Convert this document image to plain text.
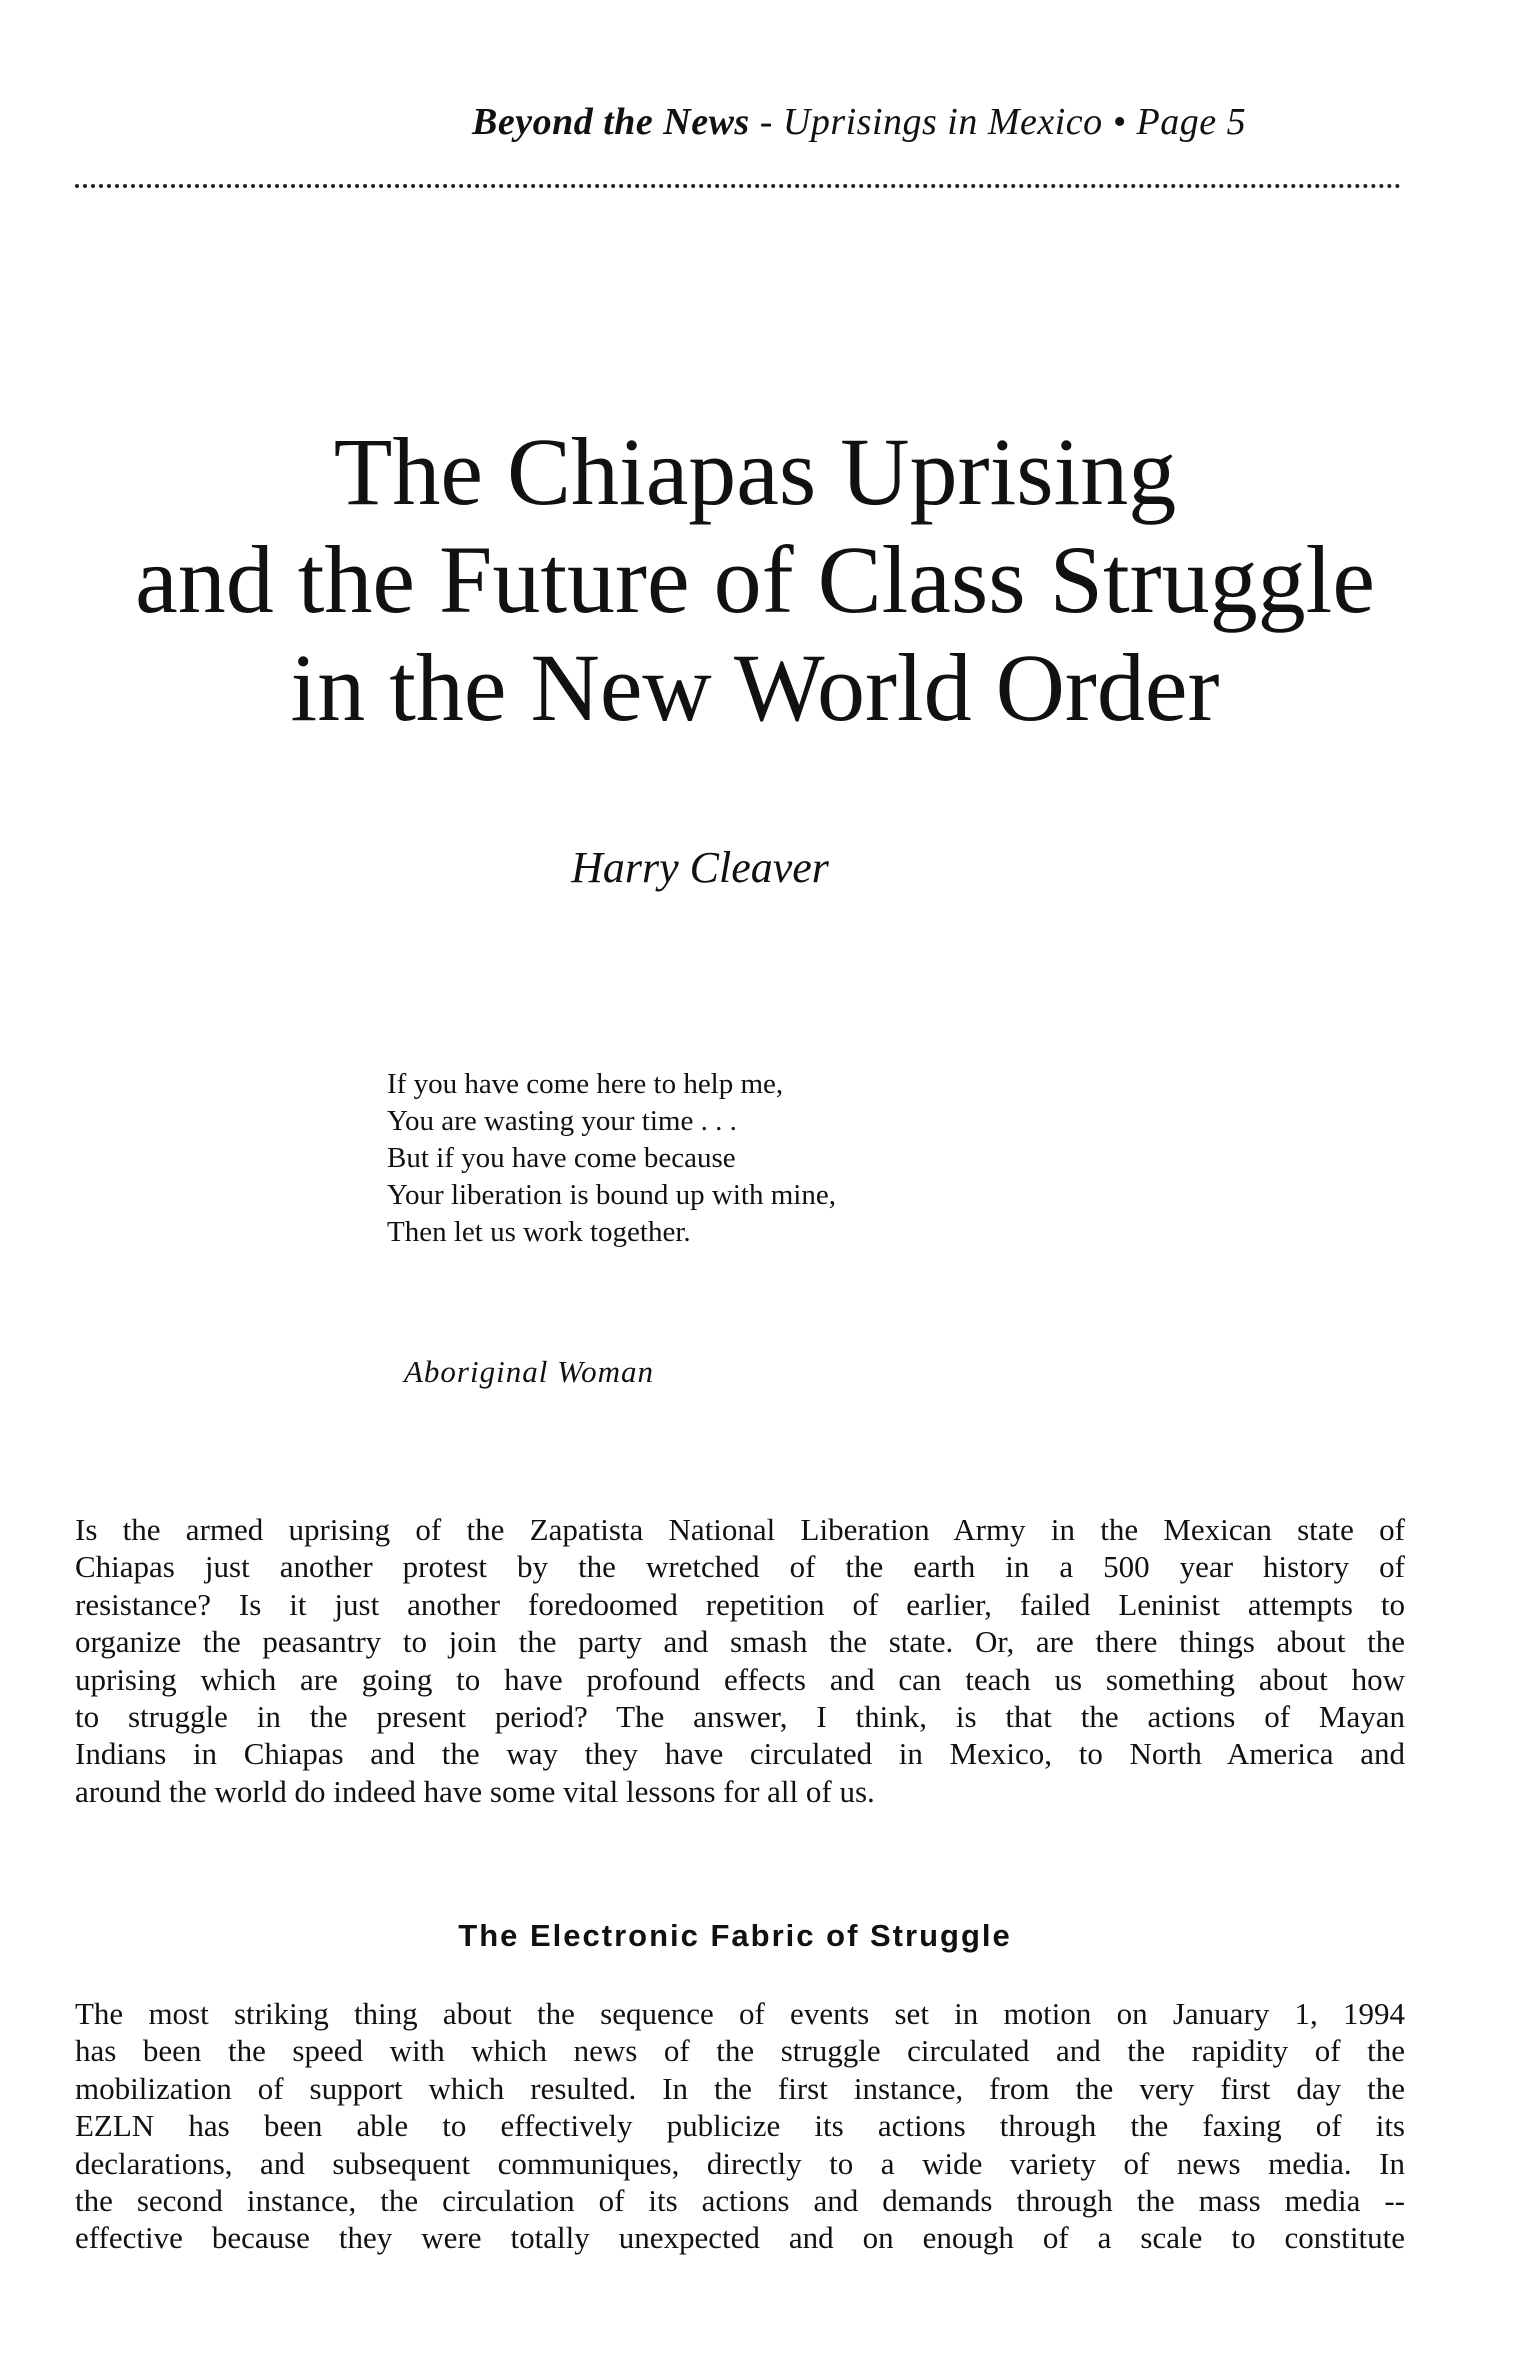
Beyond the News - Uprisings in Mexico • Page 5
The Chiapas Uprising
and the Future of Class Struggle
in the New World Order
Harry Cleaver
If you have come here to help me,
You are wasting your time . . .
But if you have come because
Your liberation is bound up with mine,
Then let us work together.
Aboriginal Woman
Is the armed uprising of the Zapatista National Liberation Army in the Mexican state of
Chiapas just another protest by the wretched of the earth in a 500 year history of
resistance? Is it just another foredoomed repetition of earlier, failed Leninist attempts to
organize the peasantry to join the party and smash the state. Or, are there things about the
uprising which are going to have profound effects and can teach us something about how
to struggle in the present period? The answer, I think, is that the actions of Mayan
Indians in Chiapas and the way they have circulated in Mexico, to North America and
around the world do indeed have some vital lessons for all of us.
The Electronic Fabric of Struggle
The most striking thing about the sequence of events set in motion on January 1, 1994
has been the speed with which news of the struggle circulated and the rapidity of the
mobilization of support which resulted. In the first instance, from the very first day the
EZLN has been able to effectively publicize its actions through the faxing of its
declarations, and subsequent communiques, directly to a wide variety of news media. In
the second instance, the circulation of its actions and demands through the mass media --
effective because they were totally unexpected and on enough of a scale to constitute
